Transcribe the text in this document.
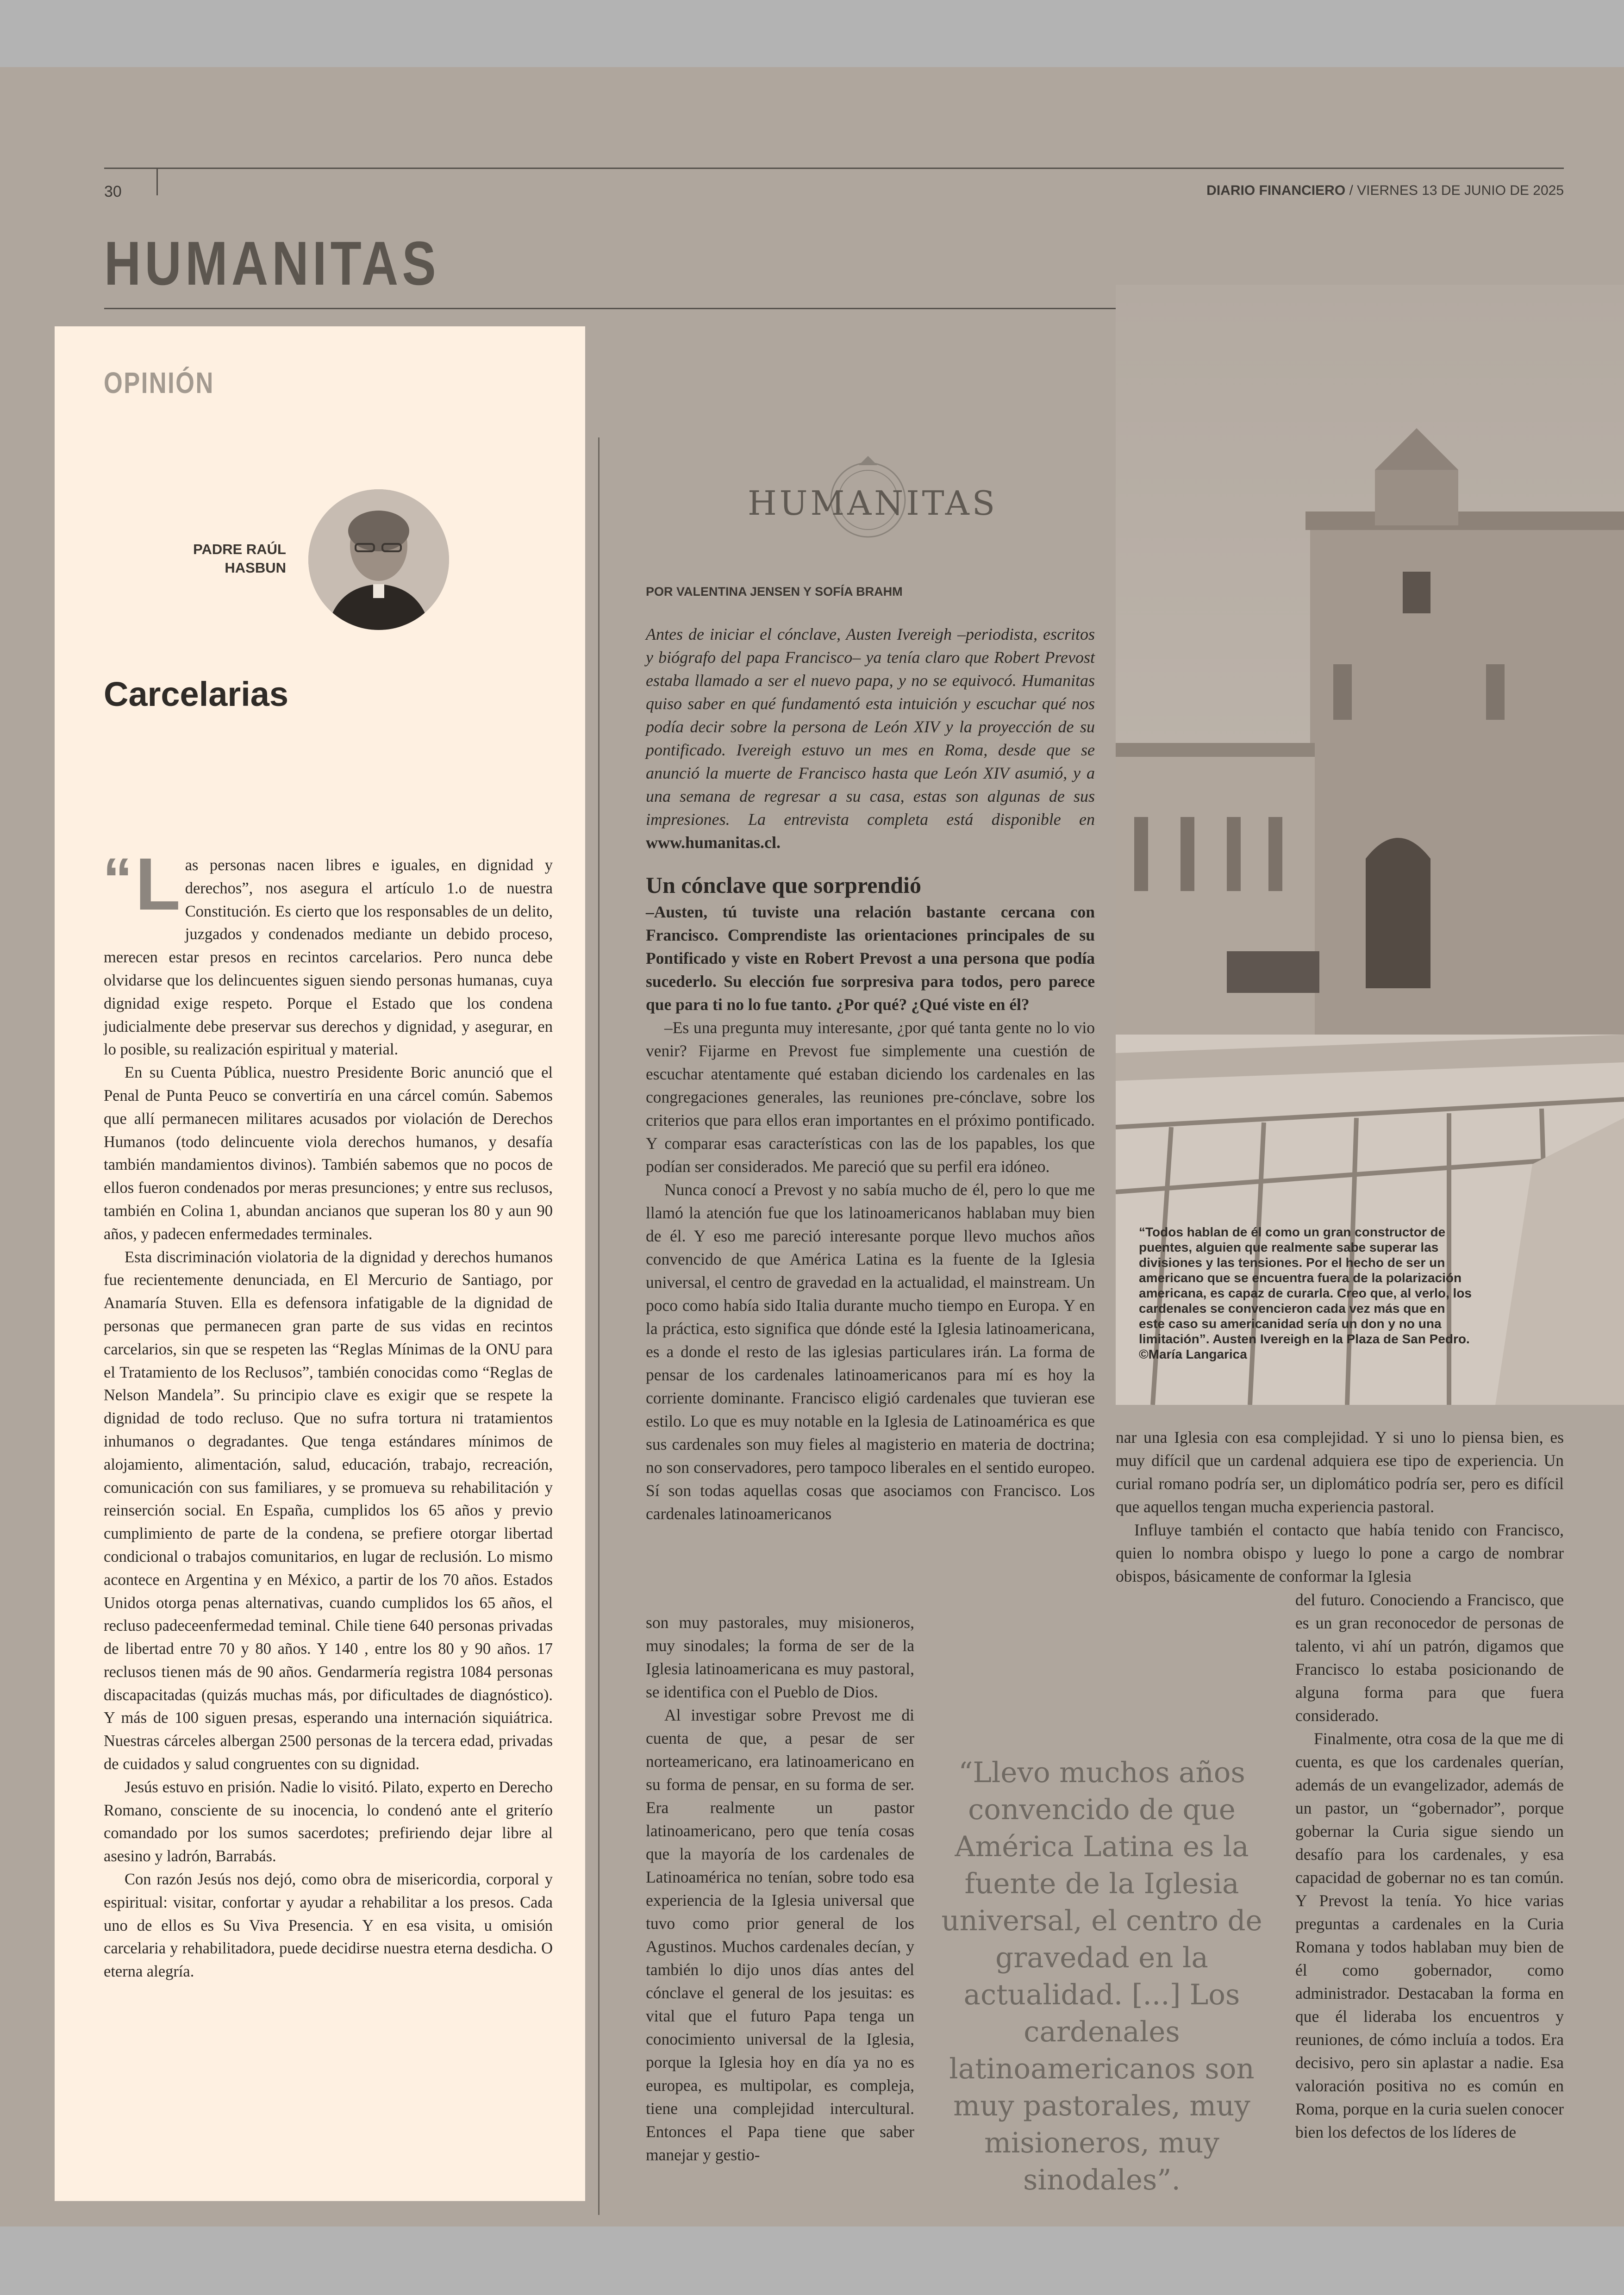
30	DIARIO FINANCIERO / VIERNES 13 DE JUNIO DE 2025
HUMANITAS
OPINIÓN
PADRE RAÚL
HASBUN
Carcelarias
“ L as personas nacen libres e iguales, en dignidad y derechos”, nos asegura el artículo 1.o de nuestra Constitución. Es cierto que los responsables de un delito, juzgados y condenados mediante un debido proceso, merecen estar presos en recintos carcelarios. Pero nunca debe olvidarse que los delincuentes siguen siendo personas humanas, cuya dignidad exige respeto. Porque el Estado que los condena judicialmente debe preservar sus derechos y dignidad, y asegurar, en lo posible, su realización espiritual y material.

En su Cuenta Pública, nuestro Presidente Boric anunció que el Penal de Punta Peuco se convertiría en una cárcel común. Sabemos que allí permanecen militares acusados por violación de Derechos Humanos (todo delincuente viola derechos humanos, y desafía también mandamientos divinos). También sabemos que no pocos de ellos fueron condenados por meras presunciones; y entre sus reclusos, también en Colina 1, abundan ancianos que superan los 80 y aun 90 años, y padecen enfermedades terminales.

Esta discriminación violatoria de la dignidad y derechos humanos fue recientemente denunciada, en El Mercurio de Santiago, por Anamaría Stuven. Ella es defensora infatigable de la dignidad de personas que permanecen gran parte de sus vidas en recintos carcelarios, sin que se respeten las “Reglas Mínimas de la ONU para el Tratamiento de los Reclusos”, también conocidas como “Reglas de Nelson Mandela”. Su principio clave es exigir que se respete la dignidad de todo recluso. Que no sufra tortura ni tratamientos inhumanos o degradantes. Que tenga estándares mínimos de alojamiento, alimentación, salud, educación, trabajo, recreación, comunicación con sus familiares, y se promueva su rehabilitación y reinserción social. En España, cumplidos los 65 años y previo cumplimiento de parte de la condena, se prefiere otorgar libertad condicional o trabajos comunitarios, en lugar de reclusión. Lo mismo acontece en Argentina y en México, a partir de los 70 años. Estados Unidos otorga penas alternativas, cuando cumplidos los 65 años, el recluso padeceenfermedad teminal. Chile tiene 640 personas privadas de libertad entre 70 y 80 años. Y 140 , entre los 80 y 90 años. 17 reclusos tienen más de 90 años. Gendarmería registra 1084 personas discapacitadas (quizás muchas más, por dificultades de diagnóstico). Y más de 100 siguen presas, esperando una internación siquiátrica. Nuestras cárceles albergan 2500 personas de la tercera edad, privadas de cuidados y salud congruentes con su dignidad.

Jesús estuvo en prisión. Nadie lo visitó. Pilato, experto en Derecho Romano, consciente de su inocencia, lo condenó ante el griterío comandado por los sumos sacerdotes; prefiriendo dejar libre al asesino y ladrón, Barrabás.

Con razón Jesús nos dejó, como obra de misericordia, corporal y espiritual: visitar, confortar y ayudar a rehabilitar a los presos. Cada uno de ellos es Su Viva Presencia. Y en esa visita, u omisión carcelaria y rehabilitadora, puede decidirse nuestra eterna desdicha. O eterna alegría.

“Todos hablan de él como un gran constructor de puentes, alguien que realmente sabe superar las divisiones y las tensiones. Por el hecho de ser un americano que se encuentra fuera de la polarización americana, es capaz de curarla. Creo que, al verlo, los cardenales se convencieron cada vez más que en este caso su americanidad sería un don y no una limitación”. Austen Ivereigh en la Plaza de San Pedro. ©María Langarica
HUMANITAS
POR VALENTINA JENSEN Y SOFÍA BRAHM
Antes de iniciar el cónclave, Austen Ivereigh –periodista, escritos y biógrafo del papa Francisco– ya tenía claro que Robert Prevost estaba llamado a ser el nuevo papa, y no se equivocó. Humanitas quiso saber en qué fundamentó esta intuición y escuchar qué nos podía decir sobre la persona de León XIV y la proyección de su pontificado. Ivereigh estuvo un mes en Roma, desde que se anunció la muerte de Francisco hasta que León XIV asumió, y a una semana de regresar a su casa, estas son algunas de sus impresiones. La entrevista completa está disponible en www.humanitas.cl.
Un cónclave que sorprendió

–Austen, tú tuviste una relación bastante cercana con Francisco. Comprendiste las orientaciones principales de su Pontificado y viste en Robert Prevost a una persona que podía sucederlo. Su elección fue sorpresiva para todos, pero parece que para ti no lo fue tanto. ¿Por qué? ¿Qué viste en él?

–Es una pregunta muy interesante, ¿por qué tanta gente no lo vio venir? Fijarme en Prevost fue simplemente una cuestión de escuchar atentamente qué estaban diciendo los cardenales en las congregaciones generales, las reuniones pre-cónclave, sobre los criterios que para ellos eran importantes en el próximo pontificado. Y comparar esas características con las de los papables, los que podían ser considerados. Me pareció que su perfil era idóneo.

Nunca conocí a Prevost y no sabía mucho de él, pero lo que me llamó la atención fue que los latinoamericanos hablaban muy bien de él. Y eso me pareció interesante porque llevo muchos años convencido de que América Latina es la fuente de la Iglesia universal, el centro de gravedad en la actualidad, el mainstream. Un poco como había sido Italia durante mucho tiempo en Europa. Y en la práctica, esto significa que dónde esté la Iglesia latinoamericana, es a donde el resto de las iglesias particulares irán. La forma de pensar de los cardenales latinoamericanos para mí es hoy la corriente dominante. Francisco eligió cardenales que tuvieran ese estilo. Lo que es muy notable en la Iglesia de Latinoamérica es que sus cardenales son muy fieles al magisterio en materia de doctrina; no son conservadores, pero tampoco liberales en el sentido europeo. Sí son todas aquellas cosas que asociamos con Francisco. Los cardenales latinoamericanos

son muy pastorales, muy misioneros, muy sinodales; la forma de ser de la Iglesia latinoamericana es muy pastoral, se identifica con el Pueblo de Dios.

Al investigar sobre Prevost me di cuenta de que, a pesar de ser norteamericano, era latinoamericano en su forma de pensar, en su forma de ser. Era realmente un pastor latinoamericano, pero que tenía cosas que la mayoría de los cardenales de Latinoamérica no tenían, sobre todo esa experiencia de la Iglesia universal que tuvo como prior general de los Agustinos. Muchos cardenales decían, y también lo dijo unos días antes del cónclave el general de los jesuitas: es vital que el futuro Papa tenga un conocimiento universal de la Iglesia, porque la Iglesia hoy en día ya no es europea, es multipolar, es compleja, tiene una complejidad intercultural. Entonces el Papa tiene que saber manejar y gestio-

“Llevo muchos años convencido de que América Latina es la fuente de la Iglesia universal, el centro de gravedad en la actualidad. [...] Los cardenales latinoamericanos son muy pastorales, muy misioneros, muy sinodales”.

nar una Iglesia con esa complejidad. Y si uno lo piensa bien, es muy difícil que un cardenal adquiera ese tipo de experiencia. Un curial romano podría ser, un diplomático podría ser, pero es difícil que aquellos tengan mucha experiencia pastoral.

Influye también el contacto que había tenido con Francisco, quien lo nombra obispo y luego lo pone a cargo de nombrar obispos, básicamente de conformar la Iglesia

del futuro. Conociendo a Francisco, que es un gran reconocedor de personas de talento, vi ahí un patrón, digamos que Francisco lo estaba posicionando de alguna forma para que fuera considerado.

Finalmente, otra cosa de la que me di cuenta, es que los cardenales querían, además de un evangelizador, además de un pastor, un “gobernador”, porque gobernar la Curia sigue siendo un desafío para los cardenales, y esa capacidad de gobernar no es tan común. Y Prevost la tenía. Yo hice varias preguntas a cardenales en la Curia Romana y todos hablaban muy bien de él como gobernador, como administrador. Destacaban la forma en que él lideraba los encuentros y reuniones, de cómo incluía a todos. Era decisivo, pero sin aplastar a nadie. Esa valoración positiva no es común en Roma, porque en la curia suelen conocer bien los defectos de los líderes de
